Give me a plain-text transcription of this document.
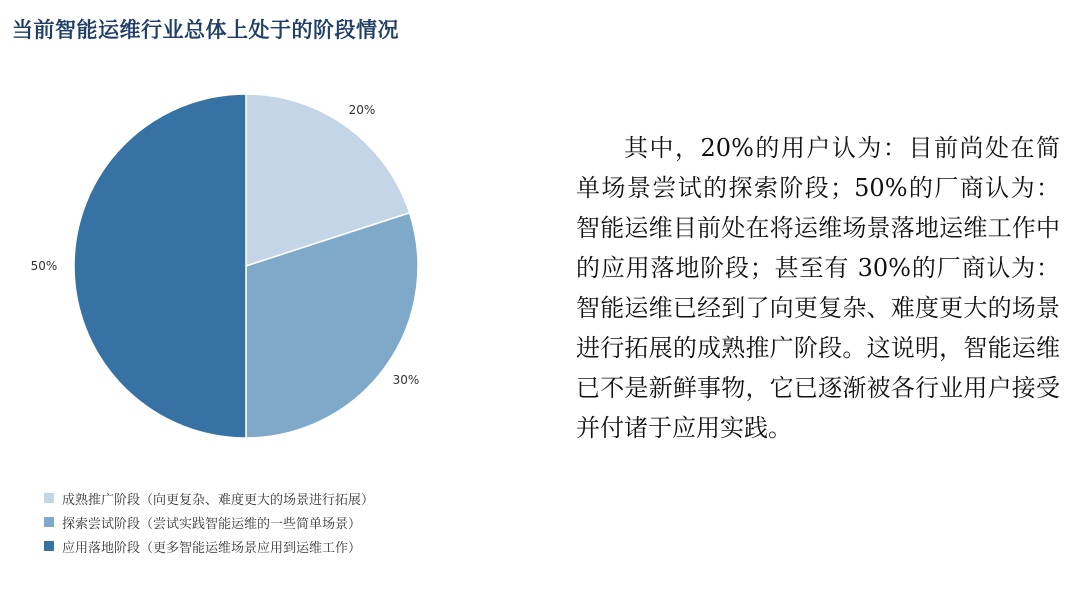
当前智能运维行业总体上处于的阶段情况
20%
30%
50%
成熟推广阶段（向更复杂、难度更大的场景进行拓展）
探索尝试阶段（尝试实践智能运维的一些简单场景）
应用落地阶段（更多智能运维场景应用到运维工作）
其中，20%的用户认为：目前尚处在简单场景尝试的探索阶段；50%的厂商认为：智能运维目前处在将运维场景落地运维工作中的应用落地阶段；甚至有 30%的厂商认为：智能运维已经到了向更复杂、难度更大的场景进行拓展的成熟推广阶段。这说明，智能运维已不是新鲜事物，它已逐渐被各行业用户接受并付诸于应用实践。
